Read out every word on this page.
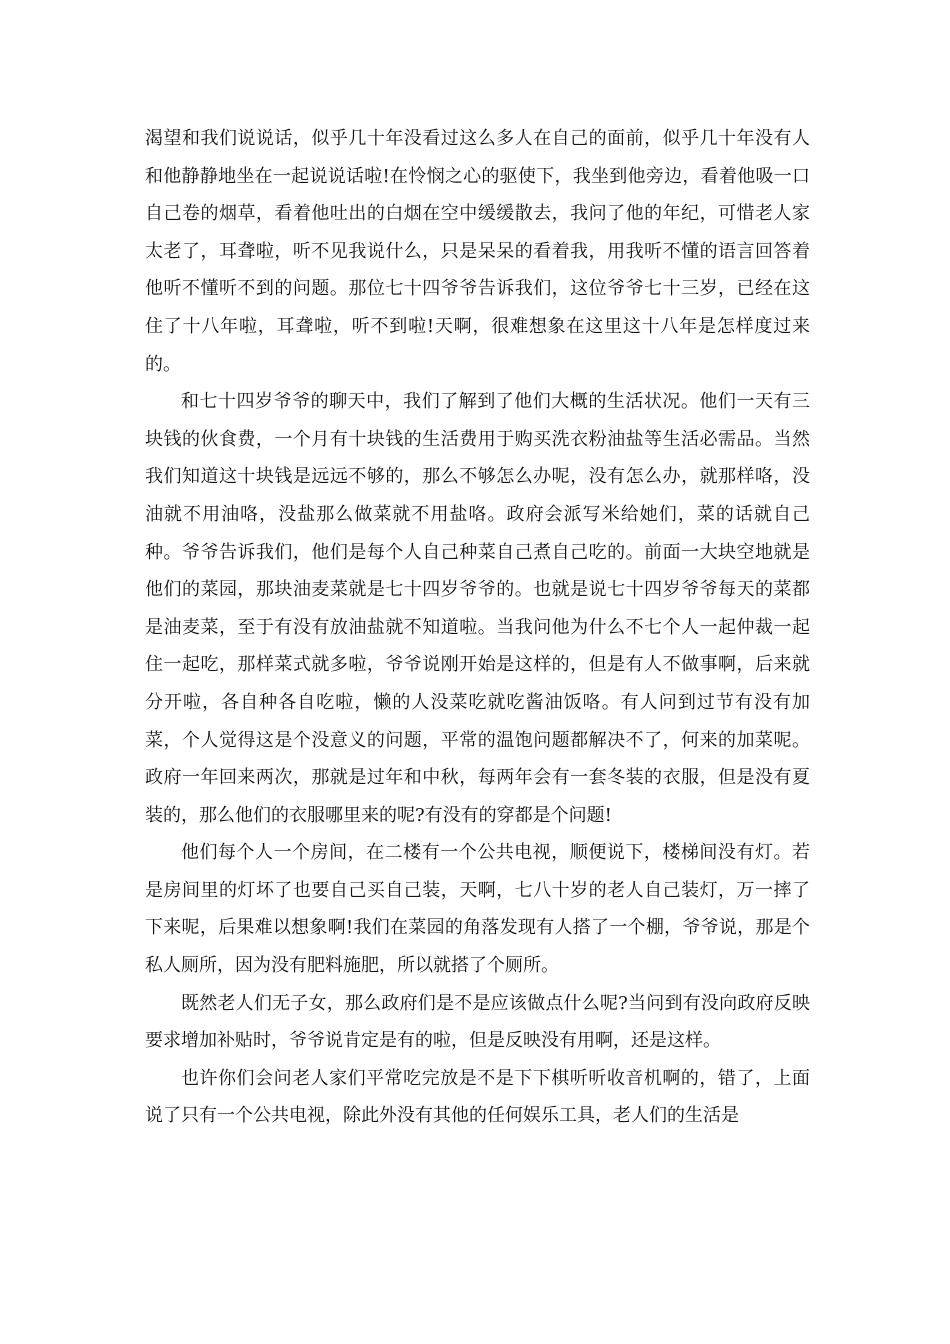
渴望和我们说说话，似乎几十年没看过这么多人在自己的面前，似乎几十年没有人和他静静地坐在一起说说话啦!在怜悯之心的驱使下，我坐到他旁边，看着他吸一口自己卷的烟草，看着他吐出的白烟在空中缓缓散去，我问了他的年纪，可惜老人家太老了，耳聋啦，听不见我说什么，只是呆呆的看着我，用我听不懂的语言回答着他听不懂听不到的问题。那位七十四爷爷告诉我们，这位爷爷七十三岁，已经在这住了十八年啦，耳聋啦，听不到啦!天啊，很难想象在这里这十八年是怎样度过来的。

和七十四岁爷爷的聊天中，我们了解到了他们大概的生活状况。他们一天有三块钱的伙食费，一个月有十块钱的生活费用于购买洗衣粉油盐等生活必需品。当然我们知道这十块钱是远远不够的，那么不够怎么办呢，没有怎么办，就那样咯，没油就不用油咯，没盐那么做菜就不用盐咯。政府会派写米给她们，菜的话就自己种。爷爷告诉我们，他们是每个人自己种菜自己煮自己吃的。前面一大块空地就是他们的菜园，那块油麦菜就是七十四岁爷爷的。也就是说七十四岁爷爷每天的菜都是油麦菜，至于有没有放油盐就不知道啦。当我问他为什么不七个人一起仲裁一起住一起吃，那样菜式就多啦，爷爷说刚开始是这样的，但是有人不做事啊，后来就分开啦，各自种各自吃啦，懒的人没菜吃就吃酱油饭咯。有人问到过节有没有加菜，个人觉得这是个没意义的问题，平常的温饱问题都解决不了，何来的加菜呢。政府一年回来两次，那就是过年和中秋，每两年会有一套冬装的衣服，但是没有夏装的，那么他们的衣服哪里来的呢?有没有的穿都是个问题!

他们每个人一个房间，在二楼有一个公共电视，顺便说下，楼梯间没有灯。若是房间里的灯坏了也要自己买自己装，天啊，七八十岁的老人自己装灯，万一摔了下来呢，后果难以想象啊!我们在菜园的角落发现有人搭了一个棚，爷爷说，那是个私人厕所，因为没有肥料施肥，所以就搭了个厕所。

既然老人们无子女，那么政府们是不是应该做点什么呢?当问到有没向政府反映要求增加补贴时，爷爷说肯定是有的啦，但是反映没有用啊，还是这样。

也许你们会问老人家们平常吃完放是不是下下棋听听收音机啊的，错了，上面说了只有一个公共电视，除此外没有其他的任何娱乐工具，老人们的生活是
